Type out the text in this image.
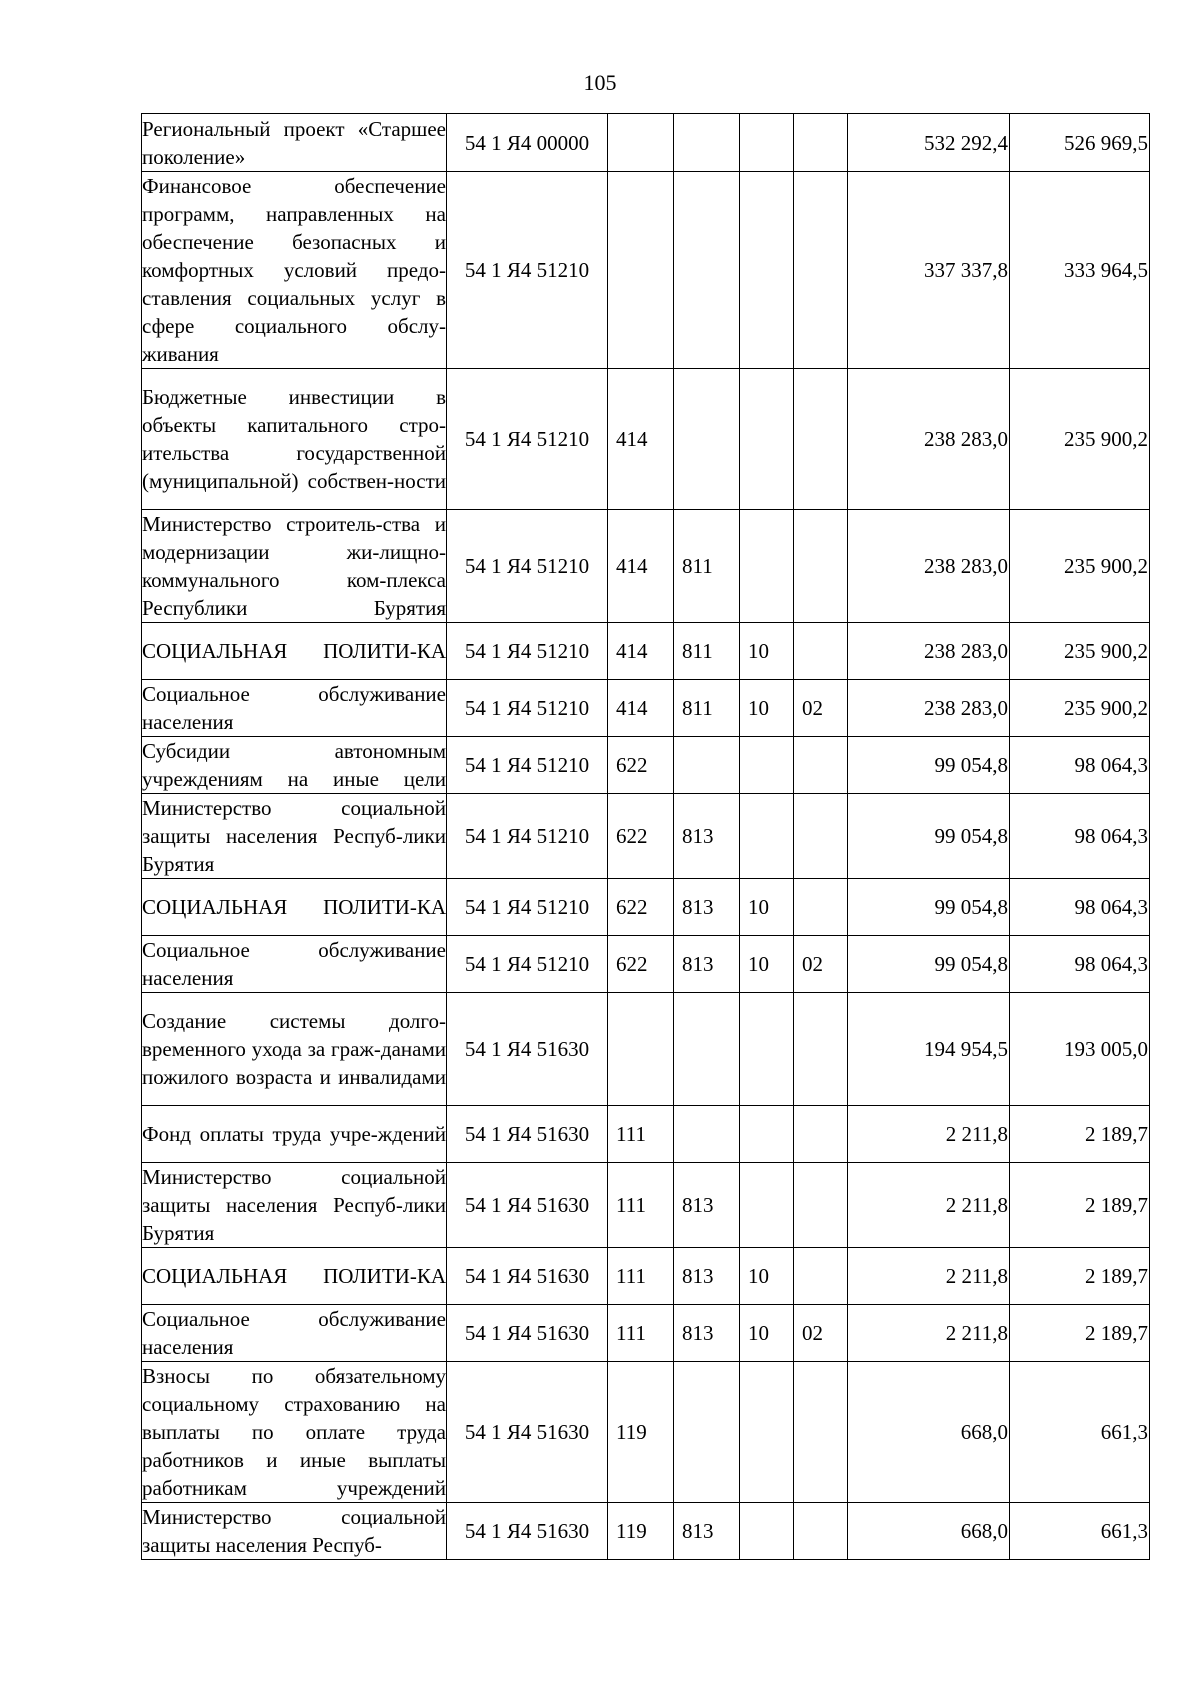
105
Региональный проект «Старшее поколение»	54 1 Я4 00000					532 292,4	526 969,5
Финансовое обеспечение программ, направленных на обеспечение безопасных и комфортных условий предо-ставления социальных услуг в сфере социального обслу-живания	54 1 Я4 51210					337 337,8	333 964,5
Бюджетные инвестиции в объекты капитального стро-ительства государственной (муниципальной) собствен-ности	54 1 Я4 51210	414				238 283,0	235 900,2
Министерство строитель-ства и модернизации жи-лищно-коммунального ком-плекса Республики Бурятия	54 1 Я4 51210	414	811			238 283,0	235 900,2
СОЦИАЛЬНАЯ ПОЛИТИ-КА	54 1 Я4 51210	414	811	10		238 283,0	235 900,2
Социальное обслуживание населения	54 1 Я4 51210	414	811	10	02	238 283,0	235 900,2
Субсидии автономным учреждениям на иные цели	54 1 Я4 51210	622				99 054,8	98 064,3
Министерство социальной защиты населения Респуб-лики Бурятия	54 1 Я4 51210	622	813			99 054,8	98 064,3
СОЦИАЛЬНАЯ ПОЛИТИ-КА	54 1 Я4 51210	622	813	10		99 054,8	98 064,3
Социальное обслуживание населения	54 1 Я4 51210	622	813	10	02	99 054,8	98 064,3
Создание системы долго-временного ухода за граж-данами пожилого возраста и инвалидами	54 1 Я4 51630					194 954,5	193 005,0
Фонд оплаты труда учре-ждений	54 1 Я4 51630	111				2 211,8	2 189,7
Министерство социальной защиты населения Респуб-лики Бурятия	54 1 Я4 51630	111	813			2 211,8	2 189,7
СОЦИАЛЬНАЯ ПОЛИТИ-КА	54 1 Я4 51630	111	813	10		2 211,8	2 189,7
Социальное обслуживание населения	54 1 Я4 51630	111	813	10	02	2 211,8	2 189,7
Взносы по обязательному социальному страхованию на выплаты по оплате труда работников и иные выплаты работникам учреждений	54 1 Я4 51630	119				668,0	661,3
Министерство социальной защиты населения Респуб-	54 1 Я4 51630	119	813			668,0	661,3
